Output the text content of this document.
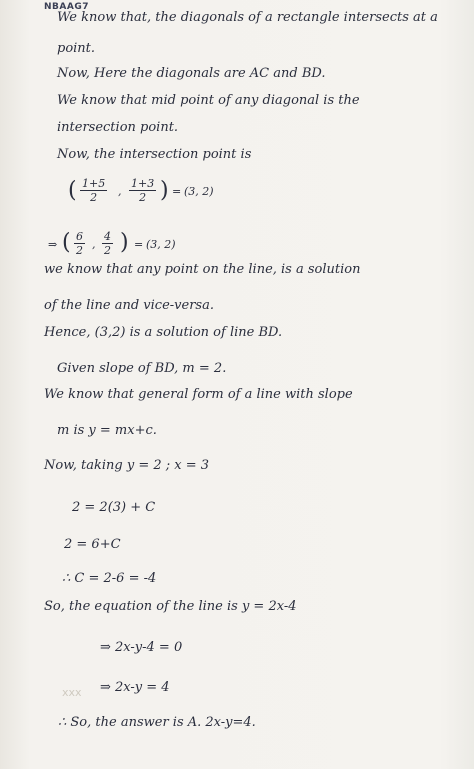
NBAAG7
We know that, the diagonals of a rectangle intersects at a
point.
Now, Here the diagonals are AC and BD.
We know that mid point of any diagonal is the
intersection point.
Now, the intersection point is
( $\frac{1+5}{2}$ , $\frac{1+3}{2}$ ) = (3, 2)
⇒ ( $\frac{6}{2}$ , $\frac{4}{2}$ ) = (3, 2)
we know that any point on the line, is a solution
of the line and vice-versa.
Hence, (3,2) is a solution of line BD.
Given slope of BD, m = 2.
We know that general form of a line with slope
m is y = mx+c.
Now, taking y = 2 ; x = 3
2 = 2(3) + C
2 = 6+C
∴ C = 2-6 = -4
So, the equation of the line is y = 2x-4
⇒ 2x-y-4 = 0
xxx ⇒ 2x-y = 4
∴ So, the answer is A. 2x-y=4.
